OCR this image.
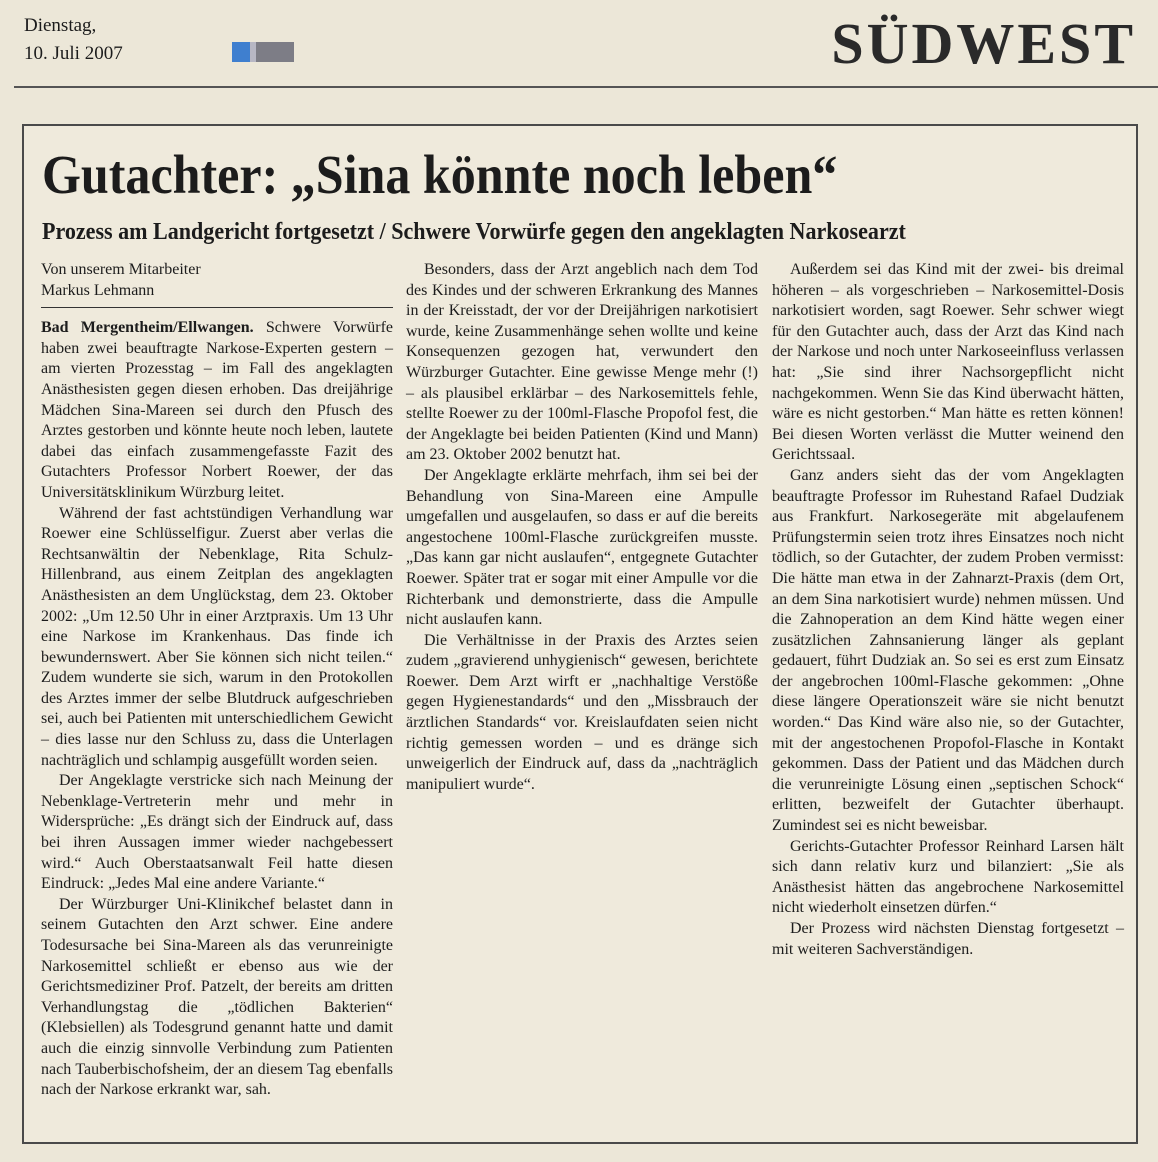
Dienstag,
10. Juli 2007	SÜDWEST
Gutachter: „Sina könnte noch leben“
Prozess am Landgericht fortgesetzt / Schwere Vorwürfe gegen den angeklagten Narkosearzt

Von unserem Mitarbeiter

Markus Lehmann

Bad Mergentheim/Ellwangen. Schwere Vorwürfe haben zwei beauftragte Narkose-Experten gestern – am vierten Prozesstag – im Fall des angeklagten Anästhesisten gegen diesen erhoben. Das dreijährige Mädchen Sina-Mareen sei durch den Pfusch des Arztes gestorben und könnte heute noch leben, lautete dabei das einfach zusammengefasste Fazit des Gutachters Professor Norbert Roewer, der das Universitätsklinikum Würzburg leitet.

Während der fast achtstündigen Verhandlung war Roewer eine Schlüsselfigur. Zuerst aber verlas die Rechtsanwältin der Nebenklage, Rita Schulz-Hillenbrand, aus einem Zeitplan des angeklagten Anästhesisten an dem Unglückstag, dem 23. Oktober 2002: „Um 12.50 Uhr in einer Arztpraxis. Um 13 Uhr eine Narkose im Krankenhaus. Das finde ich bewundernswert. Aber Sie können sich nicht teilen.“ Zudem wunderte sie sich, warum in den Protokollen des Arztes immer der selbe Blutdruck aufgeschrieben sei, auch bei Patienten mit unterschiedlichem Gewicht – dies lasse nur den Schluss zu, dass die Unterlagen nachträglich und schlampig ausgefüllt worden seien.

Der Angeklagte verstricke sich nach Meinung der Nebenklage-Vertreterin mehr und mehr in Widersprüche: „Es drängt sich der Eindruck auf, dass bei ihren Aussagen immer wieder nachgebessert wird.“ Auch Oberstaatsanwalt Feil hatte diesen Eindruck: „Jedes Mal eine andere Variante.“

Der Würzburger Uni-Klinikchef belastet dann in seinem Gutachten den Arzt schwer. Eine andere Todesursache bei Sina-Mareen als das verunreinigte Narkosemittel schließt er ebenso aus wie der Gerichtsmediziner Prof. Patzelt, der bereits am dritten Verhandlungstag die „tödlichen Bakterien“ (Klebsiellen) als Todesgrund genannt hatte und damit auch die einzig sinnvolle Verbindung zum Patienten nach Tauberbischofsheim, der an diesem Tag ebenfalls nach der Narkose erkrankt war, sah.

Besonders, dass der Arzt angeblich nach dem Tod des Kindes und der schweren Erkrankung des Mannes in der Kreisstadt, der vor der Dreijährigen narkotisiert wurde, keine Zusammenhänge sehen wollte und keine Konsequenzen gezogen hat, verwundert den Würzburger Gutachter. Eine gewisse Menge mehr (!) – als plausibel erklärbar – des Narkosemittels fehle, stellte Roewer zu der 100ml-Flasche Propofol fest, die der Angeklagte bei beiden Patienten (Kind und Mann) am 23. Oktober 2002 benutzt hat.

Der Angeklagte erklärte mehrfach, ihm sei bei der Behandlung von Sina-Mareen eine Ampulle umgefallen und ausgelaufen, so dass er auf die bereits angestochene 100ml-Flasche zurückgreifen musste. „Das kann gar nicht auslaufen“, entgegnete Gutachter Roewer. Später trat er sogar mit einer Ampulle vor die Richterbank und demonstrierte, dass die Ampulle nicht auslaufen kann.

Die Verhältnisse in der Praxis des Arztes seien zudem „gravierend unhygienisch“ gewesen, berichtete Roewer. Dem Arzt wirft er „nachhaltige Verstöße gegen Hygienestandards“ und den „Missbrauch der ärztlichen Standards“ vor. Kreislaufdaten seien nicht richtig gemessen worden – und es dränge sich unweigerlich der Eindruck auf, dass da „nachträglich manipuliert wurde“.

Außerdem sei das Kind mit der zwei- bis dreimal höheren – als vorgeschrieben – Narkosemittel-Dosis narkotisiert worden, sagt Roewer. Sehr schwer wiegt für den Gutachter auch, dass der Arzt das Kind nach der Narkose und noch unter Narkoseeinfluss verlassen hat: „Sie sind ihrer Nachsorgepflicht nicht nachgekommen. Wenn Sie das Kind überwacht hätten, wäre es nicht gestorben.“ Man hätte es retten können! Bei diesen Worten verlässt die Mutter weinend den Gerichtssaal.

Ganz anders sieht das der vom Angeklagten beauftragte Professor im Ruhestand Rafael Dudziak aus Frankfurt. Narkosegeräte mit abgelaufenem Prüfungstermin seien trotz ihres Einsatzes noch nicht tödlich, so der Gutachter, der zudem Proben vermisst: Die hätte man etwa in der Zahnarzt-Praxis (dem Ort, an dem Sina narkotisiert wurde) nehmen müssen. Und die Zahnoperation an dem Kind hätte wegen einer zusätzlichen Zahnsanierung länger als geplant gedauert, führt Dudziak an. So sei es erst zum Einsatz der angebrochen 100ml-Flasche gekommen: „Ohne diese längere Operationszeit wäre sie nicht benutzt worden.“ Das Kind wäre also nie, so der Gutachter, mit der angestochenen Propofol-Flasche in Kontakt gekommen. Dass der Patient und das Mädchen durch die verunreinigte Lösung einen „septischen Schock“ erlitten, bezweifelt der Gutachter überhaupt. Zumindest sei es nicht beweisbar.

Gerichts-Gutachter Professor Reinhard Larsen hält sich dann relativ kurz und bilanziert: „Sie als Anästhesist hätten das angebrochene Narkosemittel nicht wiederholt einsetzen dürfen.“

Der Prozess wird nächsten Dienstag fortgesetzt – mit weiteren Sachverständigen.
